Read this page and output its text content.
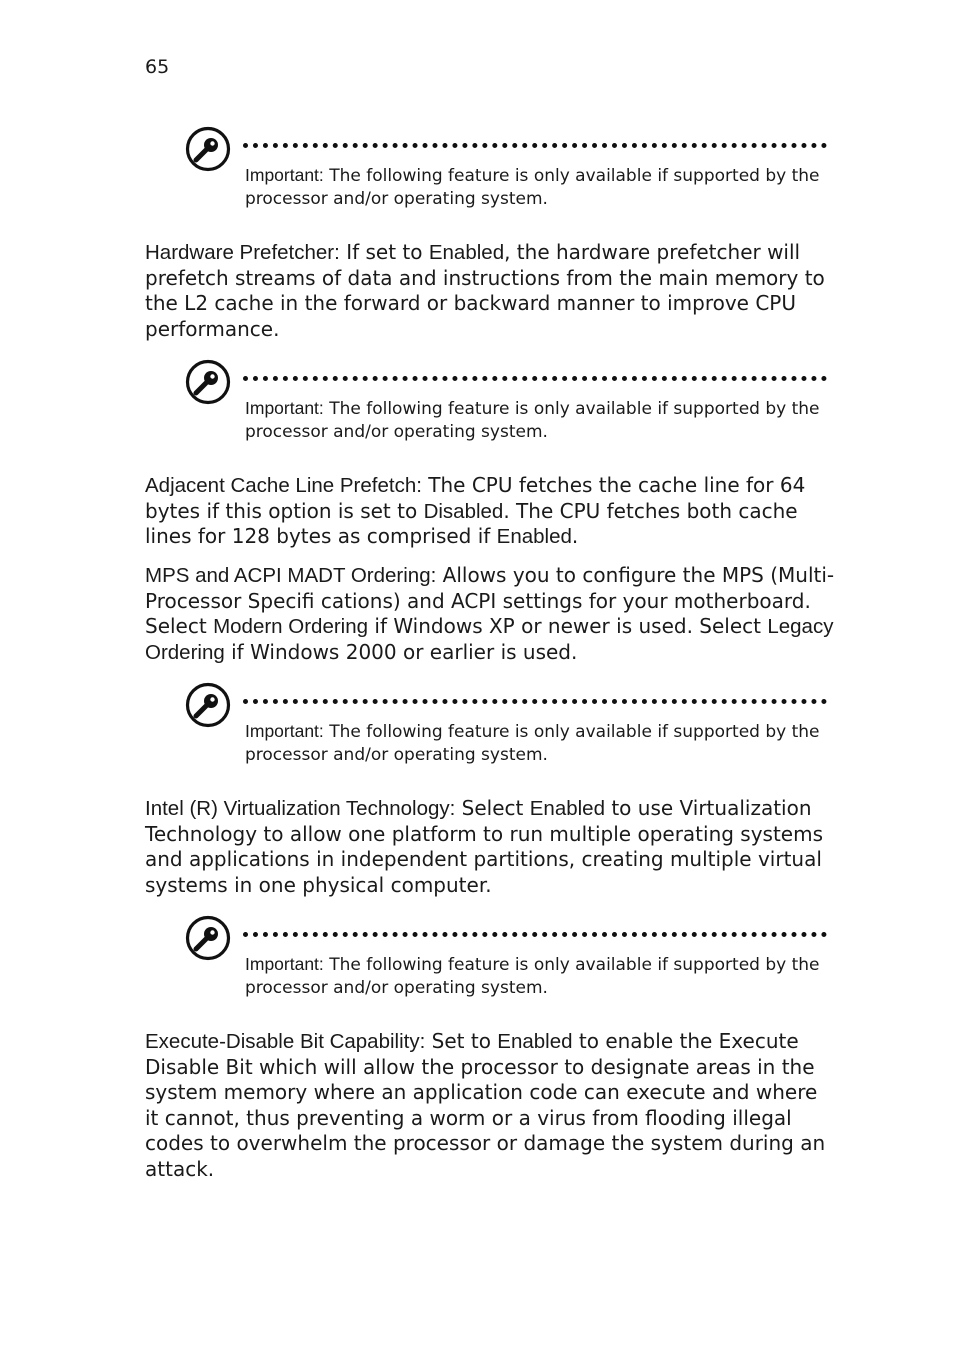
65
Important: The following feature is only available if supported by the processor and/or operating system.

Hardware Prefetcher: If set to Enabled, the hardware prefetcher will prefetch streams of data and instructions from the main memory to the L2 cache in the forward or backward manner to improve CPU performance.

Important: The following feature is only available if supported by the processor and/or operating system.

Adjacent Cache Line Prefetch: The CPU fetches the cache line for 64 bytes if this option is set to Disabled. The CPU fetches both cache lines for 128 bytes as comprised if Enabled.

MPS and ACPI MADT Ordering: Allows you to configure the MPS (Multi-Processor Specifi cations) and ACPI settings for your motherboard. Select Modern Ordering if Windows XP or newer is used. Select Legacy Ordering if Windows 2000 or earlier is used.

Important: The following feature is only available if supported by the processor and/or operating system.

Intel (R) Virtualization Technology: Select Enabled to use Virtualization Technology to allow one platform to run multiple operating systems and applications in independent partitions, creating multiple virtual systems in one physical computer.

Important: The following feature is only available if supported by the processor and/or operating system.

Execute-Disable Bit Capability: Set to Enabled to enable the Execute Disable Bit which will allow the processor to designate areas in the system memory where an application code can execute and where it cannot, thus preventing a worm or a virus from flooding illegal codes to overwhelm the processor or damage the system during an attack.
